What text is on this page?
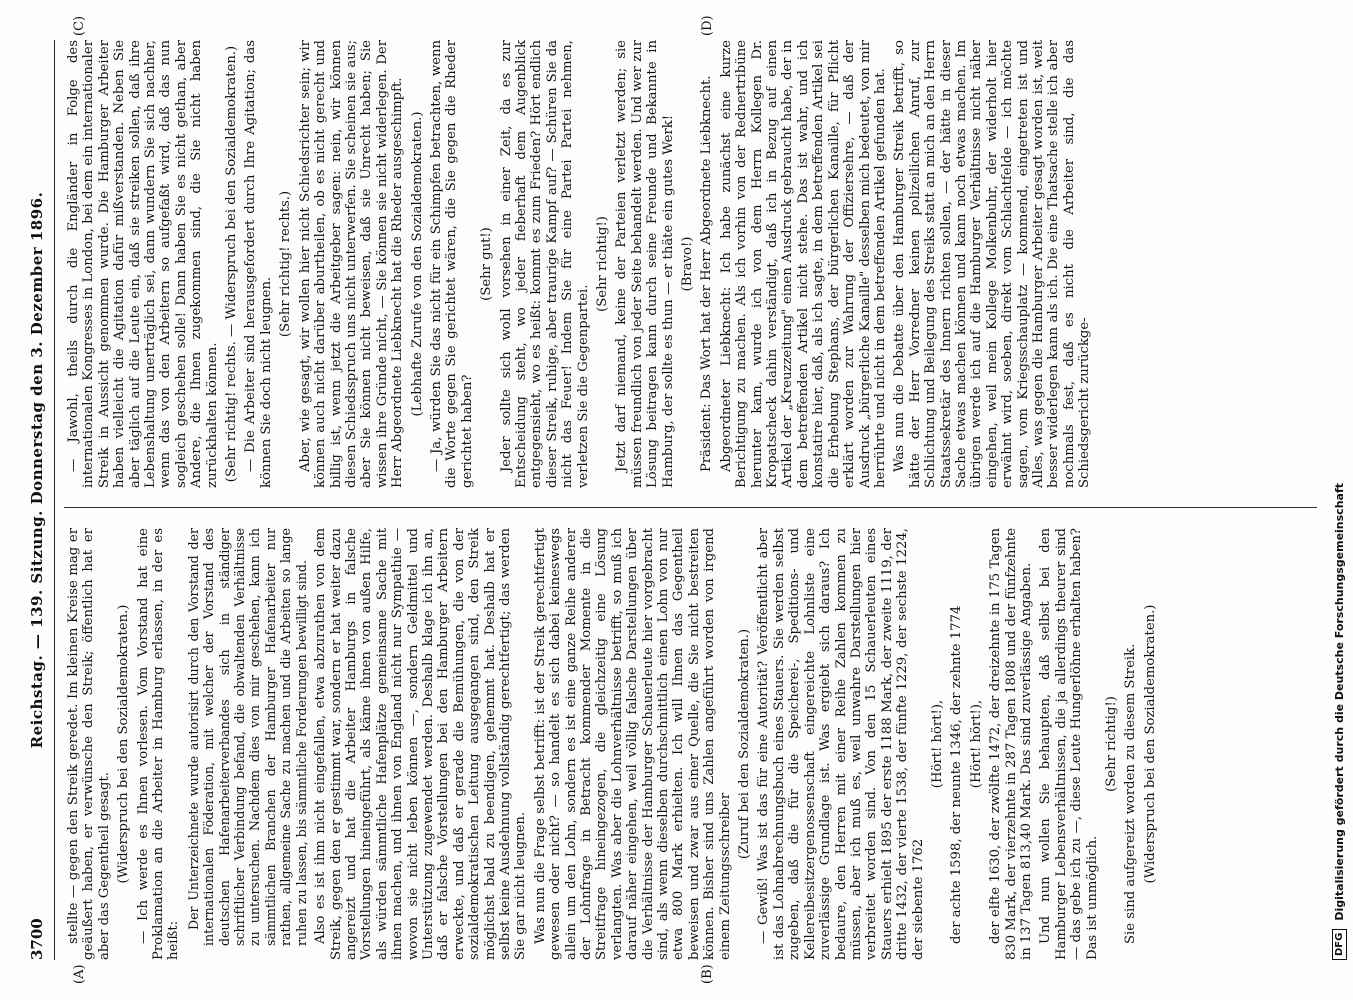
3700
Reichstag. — 139. Sitzung. Donnerstag den 3. Dezember 1896.
(A)	(B)
(C)	(D)

stellte — gegen den Streik geredet. Im kleinen Kreise mag er geäußert haben, er verwünsche den Streik; öffentlich hat er aber das Gegentheil gesagt. (Widerspruch bei den Sozialdemokraten.) — Ich werde es Ihnen vorlesen. Vom Vorstand hat eine Proklamation an die Arbeiter in Hamburg erlassen, in der es heißt:

Der Unterzeichnete wurde autorisirt durch den Vorstand der internationalen Föderation, mit welcher der Vorstand des deutschen Hafenarbeiterverbandes sich in ständiger schriftlicher Verbindung befand, die obwaltenden Verhältnisse zu untersuchen. Nachdem dies von mir geschehen, kann ich sämmtlichen Branchen der Hamburger Hafenarbeiter nur rathen, allgemeine Sache zu machen und die Arbeiten so lange ruhen zu lassen, bis sämmtliche Forderungen bewilligt sind. Also es ist ihm nicht eingefallen, etwa abzurathen von dem Streik, gegen den er gestimmt war, sondern er hat weiter dazu angereizt und hat die Arbeiter Hamburgs in falsche Vorstellungen hineingeführt, als käme ihnen von außen Hilfe, als würden sämmtliche Hafenplätze gemeinsame Sache mit ihnen machen, und ihnen von England nicht nur Sympathie — wovon sie nicht leben können —, sondern Geldmittel und Unterstützung zugewendet werden. Deshalb klage ich ihn an, daß er falsche Vorstellungen bei den Hamburger Arbeitern erweckte, und daß er gerade die Bemühungen, die von der sozialdemokratischen Leitung ausgegangen sind, den Streik möglichst bald zu beendigen, gehemmt hat. Deshalb hat er selbst keine Ausdehnung vollständig gerechtfertigt; das werden Sie gar nicht leugnen. Was nun die Frage selbst betrifft: ist der Streik gerechtfertigt gewesen oder nicht? — so handelt es sich dabei keineswegs allein um den Lohn, sondern es ist eine ganze Reihe anderer der Lohnfrage in Betracht kommender Momente in die Streitfrage hineingezogen, die gleichzeitig eine Lösung verlangten. Was aber die Lohnverhältnisse betrifft, so muß ich darauf näher eingehen, weil völlig falsche Darstellungen über die Verhältnisse der Hamburger Schauerleute hier vorgebracht sind, als wenn dieselben durchschnittlich einen Lohn von nur etwa 800 Mark erhielten. Ich will Ihnen das Gegentheil beweisen und zwar aus einer Quelle, die Sie nicht bestreiten können. Bisher sind uns Zahlen angeführt worden von irgend einem Zeitungsschreiber

(Zuruf bei den Sozialdemokraten.) — Gewiß! Was ist das für eine Autorität? Veröffentlicht aber ist das Lohnabrechnungsbuch eines Stauers. Sie werden selbst zugeben, daß die für die Speicherei-, Speditions- und Kellereibesitzergenossenschaft eingereichte Lohnliste eine zuverlässige Grundlage ist. Was ergiebt sich daraus? Ich bedaure, den Herren mit einer Reihe Zahlen kommen zu müssen, aber ich muß es, weil unwahre Darstellungen hier verbreitet worden sind. Von den 15 Schauerleuten eines Stauers erhielt 1895 der erste 1188 Mark, der zweite 1119, der dritte 1432, der vierte 1538, der fünfte 1229, der sechste 1224, der siebente 1762

(Hört! hört!), der achte 1598, der neunte 1346, der zehnte 1774 (Hört! hört!), der elfte 1630, der zwölfte 1472, der dreizehnte in 175 Tagen 830 Mark, der vierzehnte in 287 Tagen 1808 und der fünfzehnte in 137 Tagen 813,40 Mark. Das sind zuverlässige Angaben. Und nun wollen Sie behaupten, daß selbst bei den Hamburger Lebensverhältnissen, die ja allerdings theurer sind — das gebe ich zu —, diese Leute Hungerlöhne erhalten haben? Das ist unmöglich.

(Sehr richtig!) Sie sind aufgereizt worden zu diesem Streik. (Widerspruch bei den Sozialdemokraten.)

— Jawohl, theils durch die Engländer in Folge des internationalen Kongresses in London, bei dem ein internationaler Streik in Aussicht genommen wurde. Die Hamburger Arbeiter haben vielleicht die Agitation dafür mißverstanden. Neben Sie aber täglich auf die Leute ein, daß sie streiken sollen, daß ihre Lebenshaltung unerträglich sei, dann wundern Sie sich nachher, wenn das von den Arbeitern so aufgefaßt wird, daß das nun sogleich geschehen solle! Dann haben Sie es nicht gethan, aber Andere, die Ihnen zugekommen sind, die Sie nicht haben zurückhalten können. (Sehr richtig! rechts. — Widerspruch bei den Sozialdemokraten.) — Die Arbeiter sind herausgefordert durch Ihre Agitation; das können Sie doch nicht leugnen.

(Sehr richtig! rechts.) Aber, wie gesagt, wir wollen hier nicht Schiedsrichter sein; wir können auch nicht darüber aburtheilen, ob es nicht gerecht und billig ist, wenn jetzt die Arbeitgeber sagen: nein, wir können diesen Schiedsspruch uns nicht unterwerfen. Sie scheinen sie aus; aber Sie können nicht beweisen, daß sie Unrecht haben; Sie wissen ihre Gründe nicht, — Sie können sie nicht widerlegen. Der Herr Abgeordnete Liebknecht hat die Rheder ausgeschimpft. (Lebhafte Zurufe von den Sozialdemokraten.) — Ja, würden Sie das nicht für ein Schimpfen betrachten, wenn die Worte gegen Sie gerichtet wären, die Sie gegen die Rheder gerichtet haben?

(Sehr gut!) Jeder sollte sich wohl vorsehen in einer Zeit, da es zur Entscheidung steht, wo jeder fieberhaft dem Augenblick entgegensieht, wo es heißt: kommt es zum Frieden? Hört endlich dieser Streik, ruhige, aber traurige Kampf auf? — Schüren Sie da nicht das Feuer! Indem Sie für eine Partei Partei nehmen, verletzen Sie die Gegenpartei.

(Sehr richtig!) Jetzt darf niemand, keine der Parteien verletzt werden; sie müssen freundlich von jeder Seite behandelt werden. Und wer zur Lösung beitragen kann durch seine Freunde und Bekannte in Hamburg, der sollte es thun — er thäte ein gutes Werk! (Bravo!) Präsident: Das Wort hat der Herr Abgeordnete Liebknecht. Abgeordneter Liebknecht: Ich habe zunächst eine kurze Berichtigung zu machen. Als ich vorhin von der Rednertribüne herunter kam, wurde ich von dem Herrn Kollegen Dr. Kropatscheck dahin verständigt, daß ich in Bezug auf einen Artikel der „Kreuzzeitung" einen Ausdruck gebraucht habe, der in dem betreffenden Artikel nicht stehe. Das ist wahr, und ich konstatire hier, daß, als ich sagte, in dem betreffenden Artikel sei die Erhebung Stephans, der bürgerlichen Kanaille, für Pflicht erklärt worden zur Wahrung der Offiziersehre, — daß der Ausdruck „bürgerliche Kanaille" desselben mich bedeutet, von mir herrührte und nicht in dem betreffenden Artikel gefunden hat. Was nun die Debatte über den Hamburger Streik betrifft, so hätte der Herr Vorredner keinen polizeilichen Anruf, zur Schlichtung und Beilegung des Streiks statt an mich an den Herrn Staatssekretär des Innern richten sollen, — der hätte in dieser Sache etwas machen können und kann noch etwas machen. Im übrigen werde ich auf die Hamburger Verhältnisse nicht näher eingehen, weil mein Kollege Molkenbuhr, der widerholt hier erwähnt wird, soeben, direkt vom Schlachtfelde — ich möchte sagen, vom Kriegsschauplatz — kommend, eingetreten ist und Alles, was gegen die Hamburger Arbeiter gesagt worden ist, weit besser widerlegen kann als ich. Die eine Thatsache stelle ich aber nochmals fest, daß es nicht die Arbeiter sind, die das Schiedsgericht zurückge-

DFG
Digitalisierung gefördert durch die Deutsche Forschungsgemeinschaft
